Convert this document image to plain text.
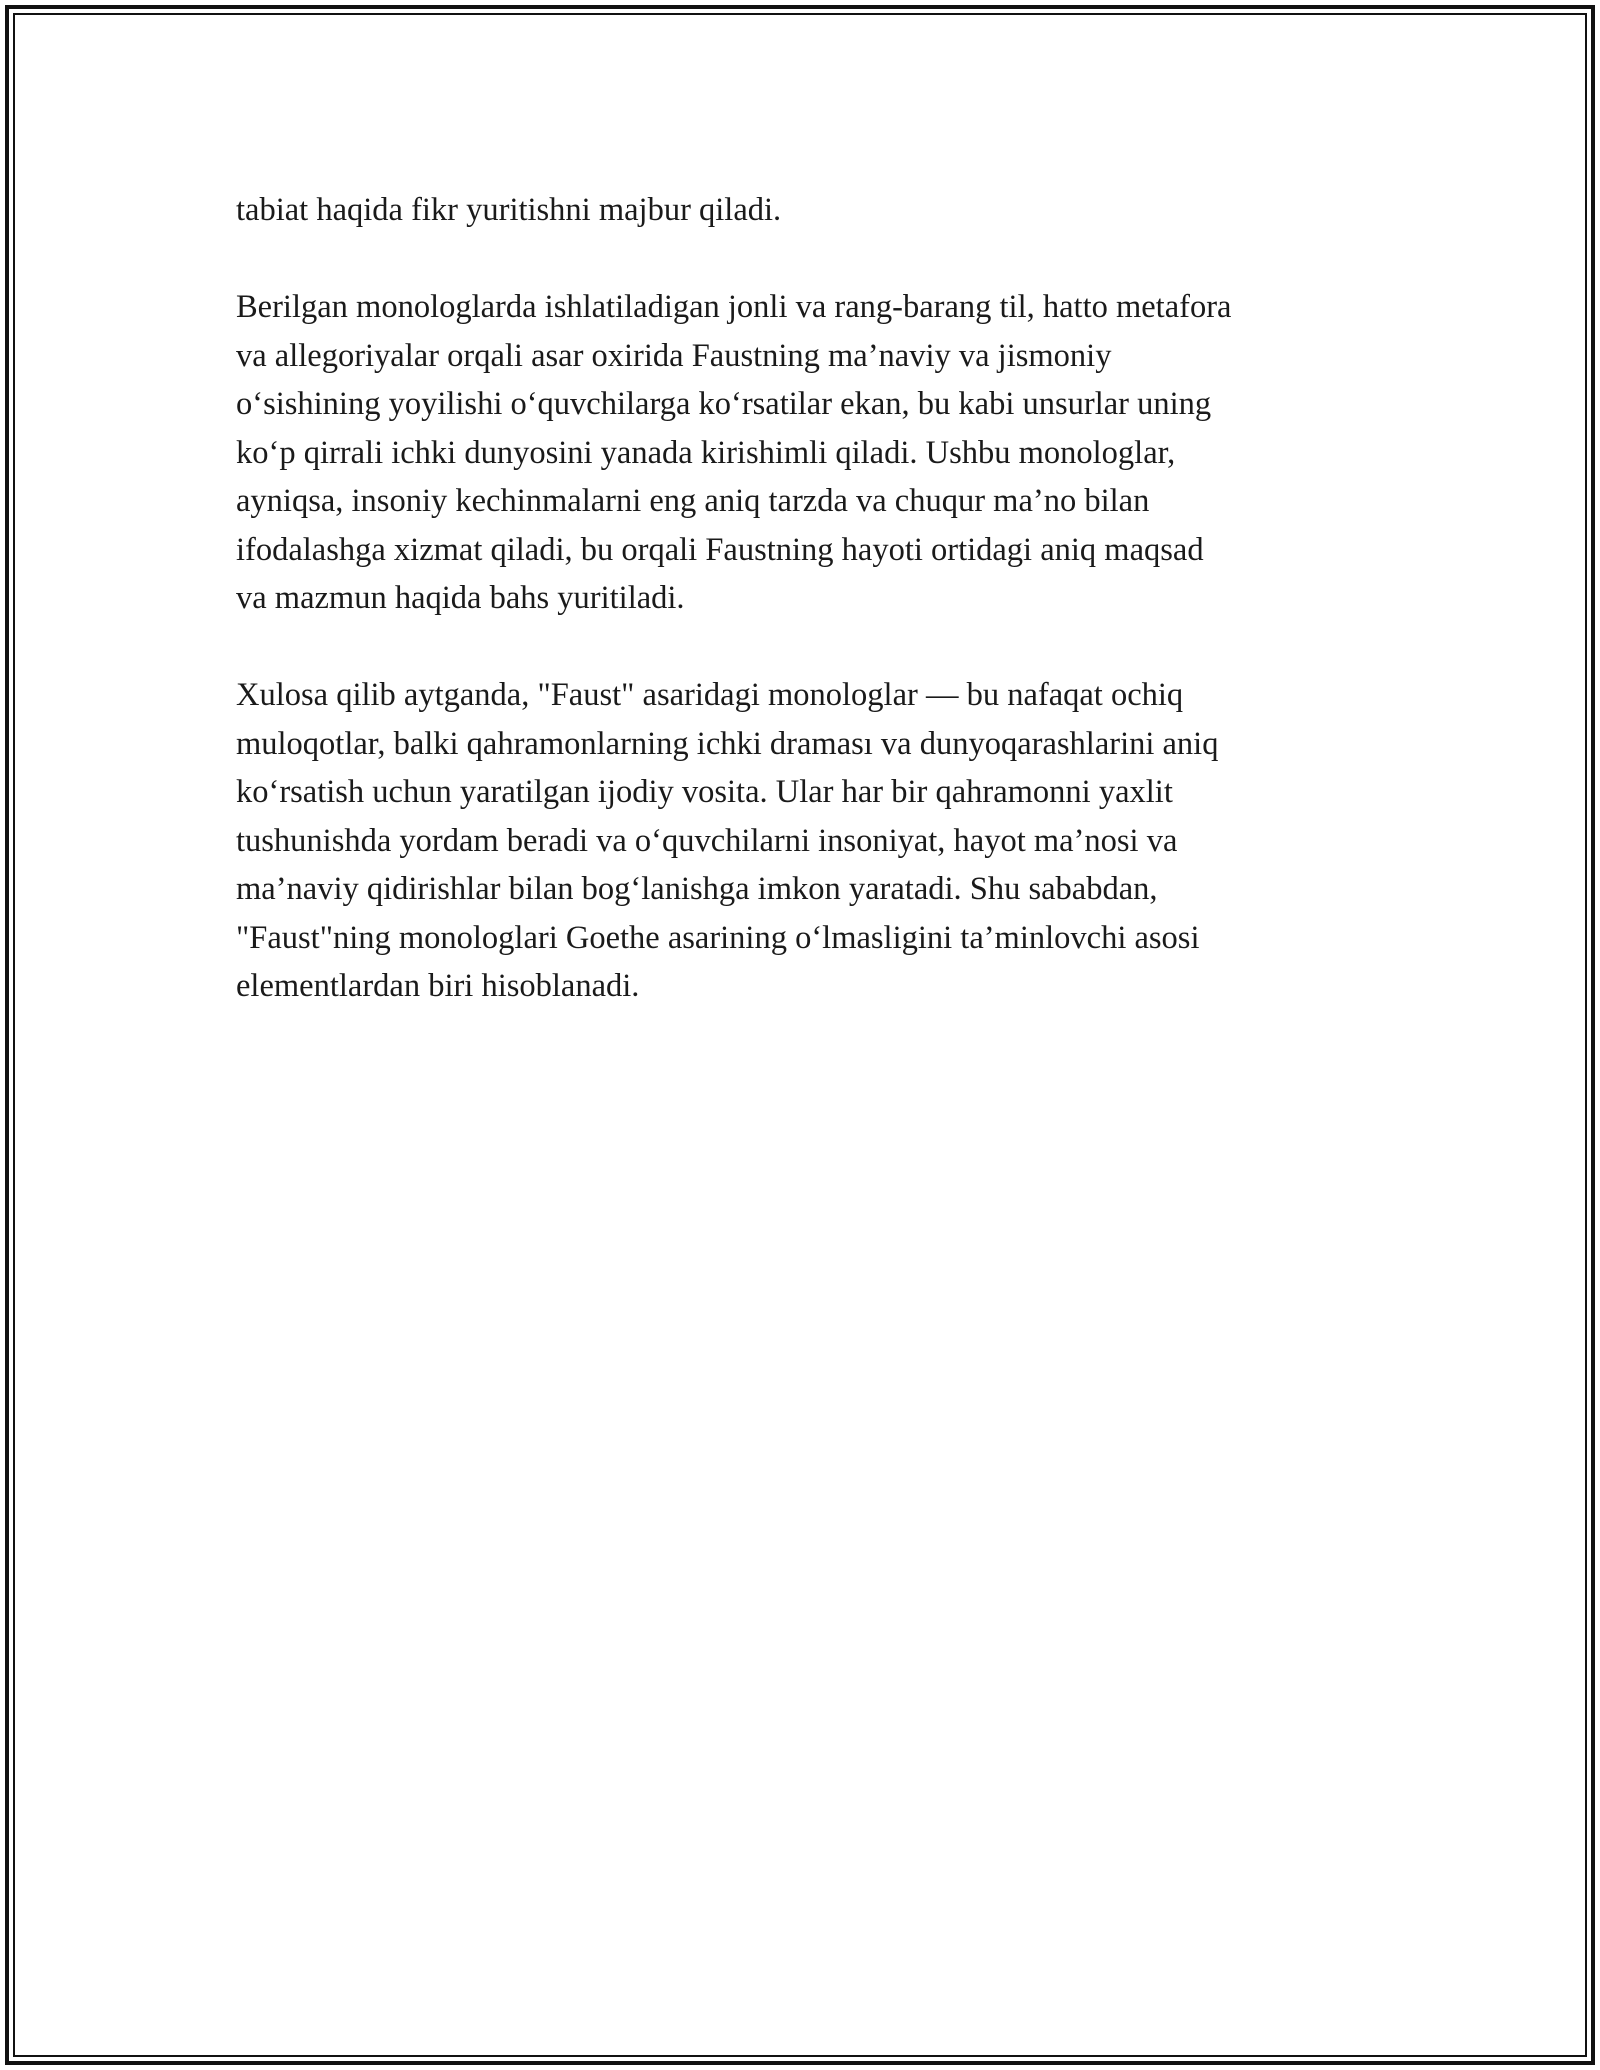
tabiat haqida fikr yuritishni majbur qiladi.

Berilgan monologlarda ishlatiladigan jonli va rang-barang til, hatto metafora
va allegoriyalar orqali asar oxirida Faustning ma’naviy va jismoniy
o‘sishining yoyilishi o‘quvchilarga ko‘rsatilar ekan, bu kabi unsurlar uning
ko‘p qirrali ichki dunyosini yanada kirishimli qiladi. Ushbu monologlar,
ayniqsa, insoniy kechinmalarni eng aniq tarzda va chuqur ma’no bilan
ifodalashga xizmat qiladi, bu orqali Faustning hayoti ortidagi aniq maqsad
va mazmun haqida bahs yuritiladi.

Xulosa qilib aytganda, "Faust" asaridagi monologlar — bu nafaqat ochiq
muloqotlar, balki qahramonlarning ichki draması va dunyoqarashlarini aniq
ko‘rsatish uchun yaratilgan ijodiy vosita. Ular har bir qahramonni yaxlit
tushunishda yordam beradi va o‘quvchilarni insoniyat, hayot ma’nosi va
ma’naviy qidirishlar bilan bog‘lanishga imkon yaratadi. Shu sababdan,
"Faust"ning monologlari Goethe asarining o‘lmasligini ta’minlovchi asosi
elementlardan biri hisoblanadi.
